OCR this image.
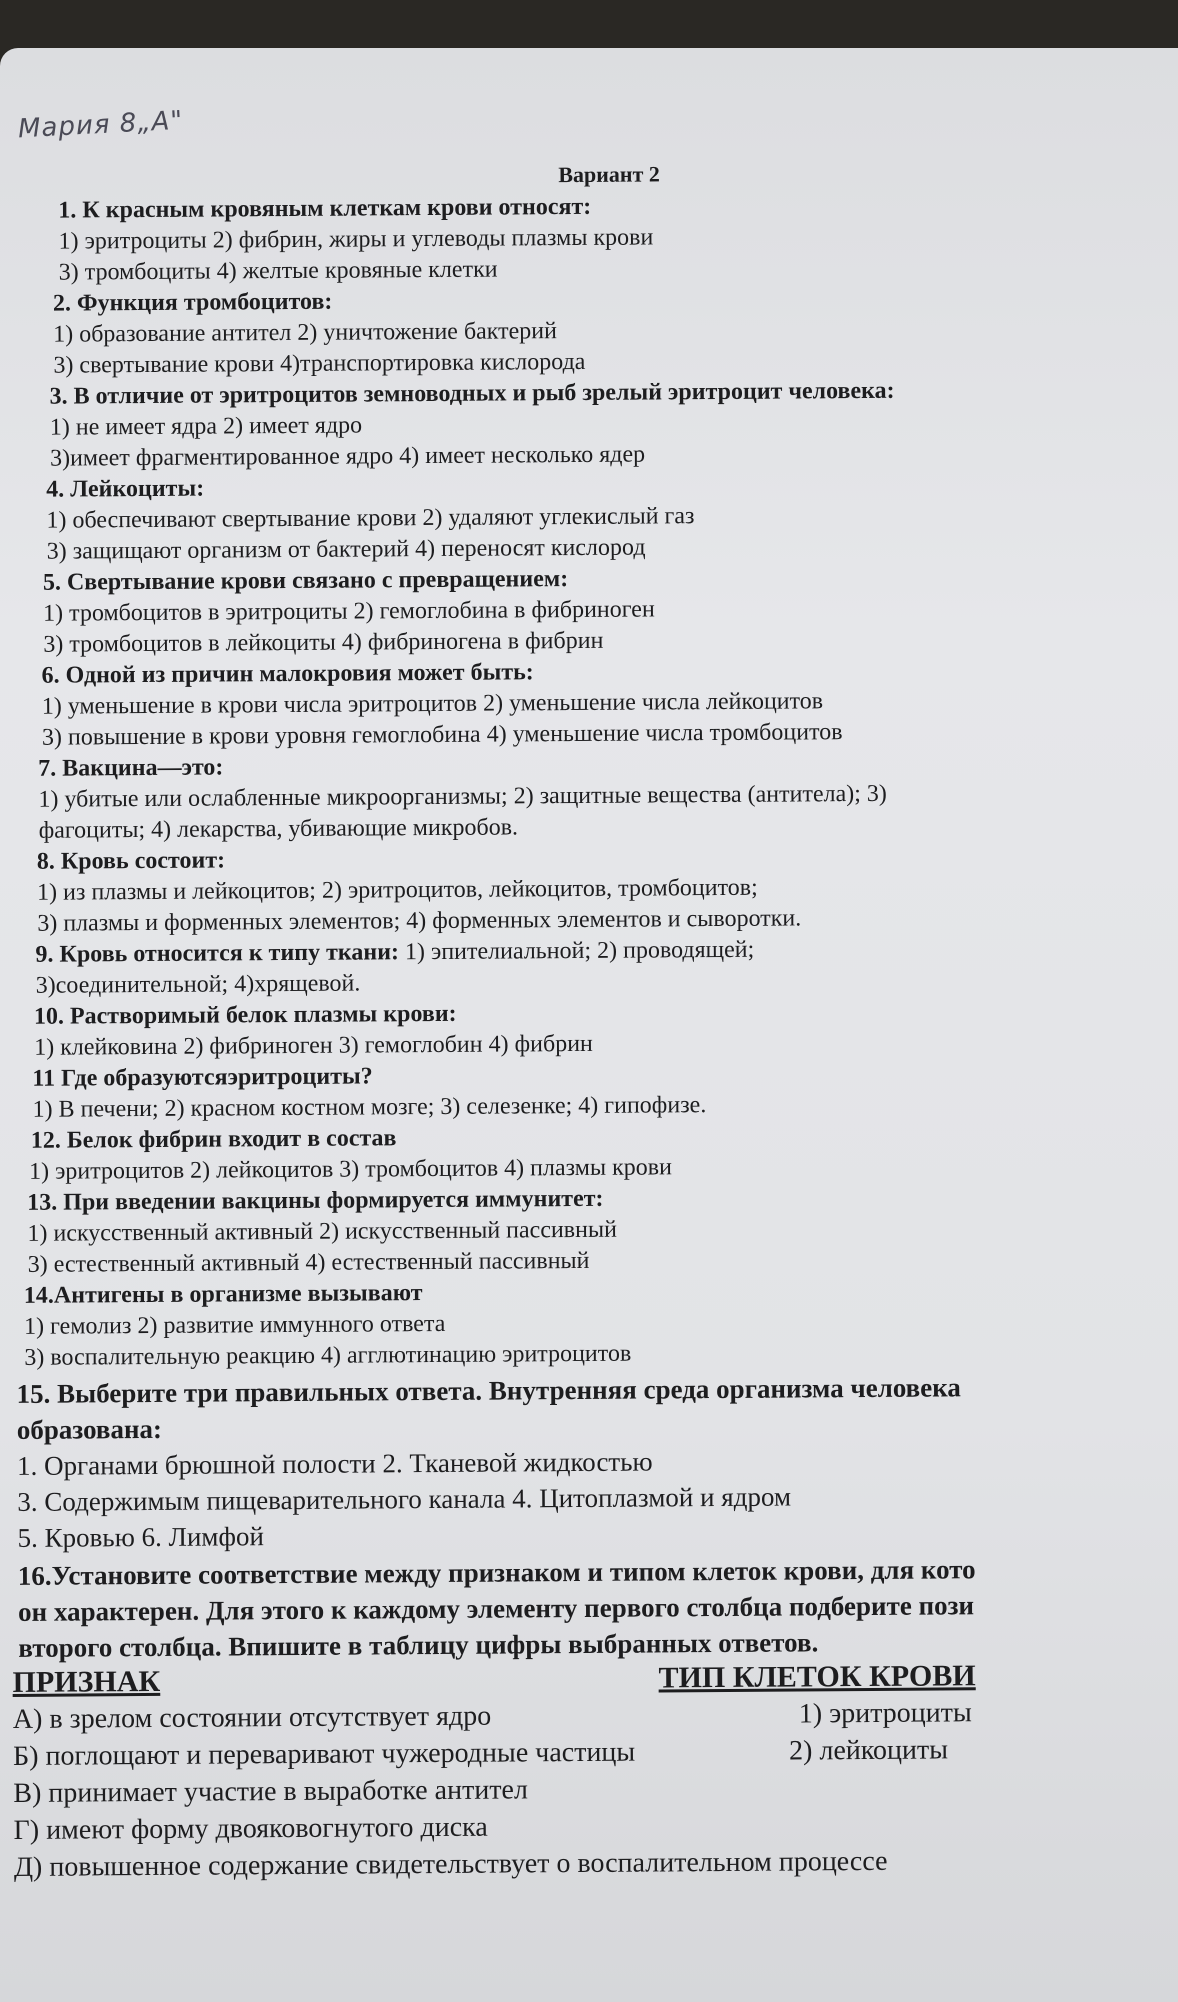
Мария 8„А"
Вариант 2
1. К красным кровяным клеткам крови относят:
1) эритроциты 2) фибрин, жиры и углеводы плазмы крови
3) тромбоциты 4) желтые кровяные клетки
2. Функция тромбоцитов:
1) образование антител 2) уничтожение бактерий
3) свертывание крови 4)транспортировка кислорода
3. В отличие от эритроцитов земноводных и рыб зрелый эритроцит человека:
1) не имеет ядра 2) имеет ядро
3)имеет фрагментированное ядро 4) имеет несколько ядер
4. Лейкоциты:
1) обеспечивают свертывание крови 2) удаляют углекислый газ
3) защищают организм от бактерий 4) переносят кислород
5. Свертывание крови связано с превращением:
1) тромбоцитов в эритроциты 2) гемоглобина в фибриноген
3) тромбоцитов в лейкоциты 4) фибриногена в фибрин
6. Одной из причин малокровия может быть:
1) уменьшение в крови числа эритроцитов 2) уменьшение числа лейкоцитов
3) повышение в крови уровня гемоглобина 4) уменьшение числа тромбоцитов
7. Вакцина—это:
1) убитые или ослабленные микроорганизмы; 2) защитные вещества (антитела); 3)
фагоциты; 4) лекарства, убивающие микробов.
8. Кровь состоит:
1) из плазмы и лейкоцитов; 2) эритроцитов, лейкоцитов, тромбоцитов;
3) плазмы и форменных элементов; 4) форменных элементов и сыворотки.
9. Кровь относится к типу ткани: 1) эпителиальной; 2) проводящей;
3)соединительной; 4)хрящевой.
10. Растворимый белок плазмы крови:
1) клейковина 2) фибриноген 3) гемоглобин 4) фибрин
11 Где образуютсяэритроциты?
1) В печени; 2) красном костном мозге; 3) селезенке; 4) гипофизе.
12. Белок фибрин входит в состав
1) эритроцитов 2) лейкоцитов 3) тромбоцитов 4) плазмы крови
13. При введении вакцины формируется иммунитет:
1) искусственный активный 2) искусственный пассивный
3) естественный активный 4) естественный пассивный
14.Антигены в организме вызывают
1) гемолиз 2) развитие иммунного ответа
3) воспалительную реакцию 4) агглютинацию эритроцитов
15. Выберите три правильных ответа. Внутренняя среда организма человека
образована:
1. Органами брюшной полости 2. Тканевой жидкостью
3. Содержимым пищеварительного канала 4. Цитоплазмой и ядром
5. Кровью 6. Лимфой
16.Установите соответствие между признаком и типом клеток крови, для кото
он характерен. Для этого к каждому элементу первого столбца подберите пози
второго столбца. Впишите в таблицу цифры выбранных ответов.
ПРИЗНАК	ТИП КЛЕТОК КРОВИ
А) в зрелом состоянии отсутствует ядро	1) эритроциты
Б) поглощают и переваривают чужеродные частицы	2) лейкоциты
В) принимает участие в выработке антител
Г) имеют форму двояковогнутого диска
Д) повышенное содержание свидетельствует о воспалительном процессе
